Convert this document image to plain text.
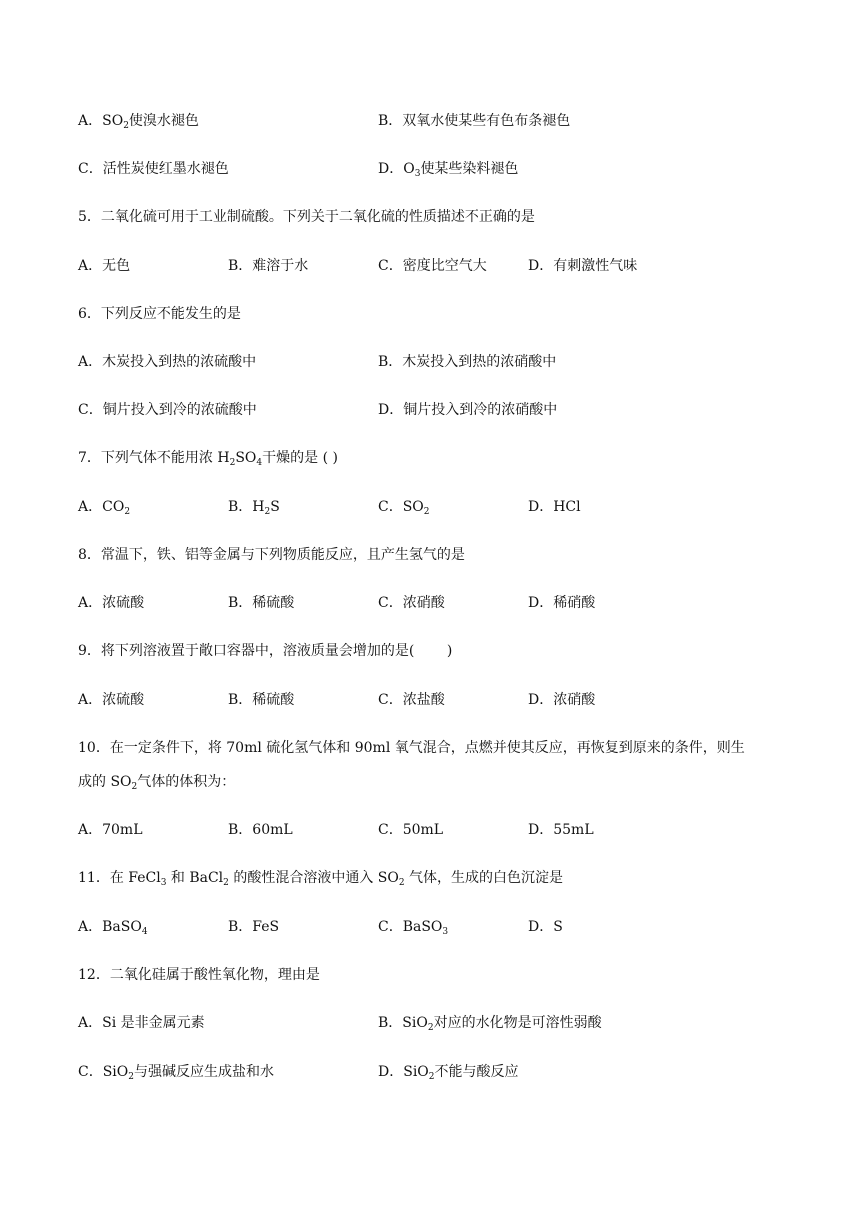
A．$SO_2$使溴水褪色	B．双氧水使某些有色布条褪色
C．活性炭使红墨水褪色	D．$O_3$使某些染料褪色
5．二氧化硫可用于工业制硫酸。下列关于二氧化硫的性质描述不正确的是
A．无色	B．难溶于水	C．密度比空气大	D．有刺激性气味
6．下列反应不能发生的是
A．木炭投入到热的浓硫酸中	B．木炭投入到热的浓硝酸中
C．铜片投入到冷的浓硫酸中	D．铜片投入到冷的浓硝酸中
7．下列气体不能用浓 $H_2SO_4$干燥的是 ( )
A．$CO_2$	B．$H_2S$	C．$SO_2$	D．HCl
8．常温下，铁、铝等金属与下列物质能反应，且产生氢气的是
A．浓硫酸	B．稀硫酸	C．浓硝酸	D．稀硝酸
9．将下列溶液置于敞口容器中，溶液质量会增加的是(　　 )
A．浓硫酸	B．稀硫酸	C．浓盐酸	D．浓硝酸
10．在一定条件下，将 70ml 硫化氢气体和 90ml 氧气混合，点燃并使其反应，再恢复到原来的条件，则生
成的 $SO_2$气体的体积为：
A．70mL	B．60mL	C．50mL	D．55mL
11．在 FeCl$_3$ 和 BaCl$_2$ 的酸性混合溶液中通入 $SO_2$ 气体，生成的白色沉淀是
A．BaSO$_4$	B．FeS	C．BaSO$_3$	D．S
12．二氧化硅属于酸性氧化物，理由是
A．Si 是非金属元素	B．SiO$_2$对应的水化物是可溶性弱酸
C．SiO$_2$与强碱反应生成盐和水	D．SiO$_2$不能与酸反应
